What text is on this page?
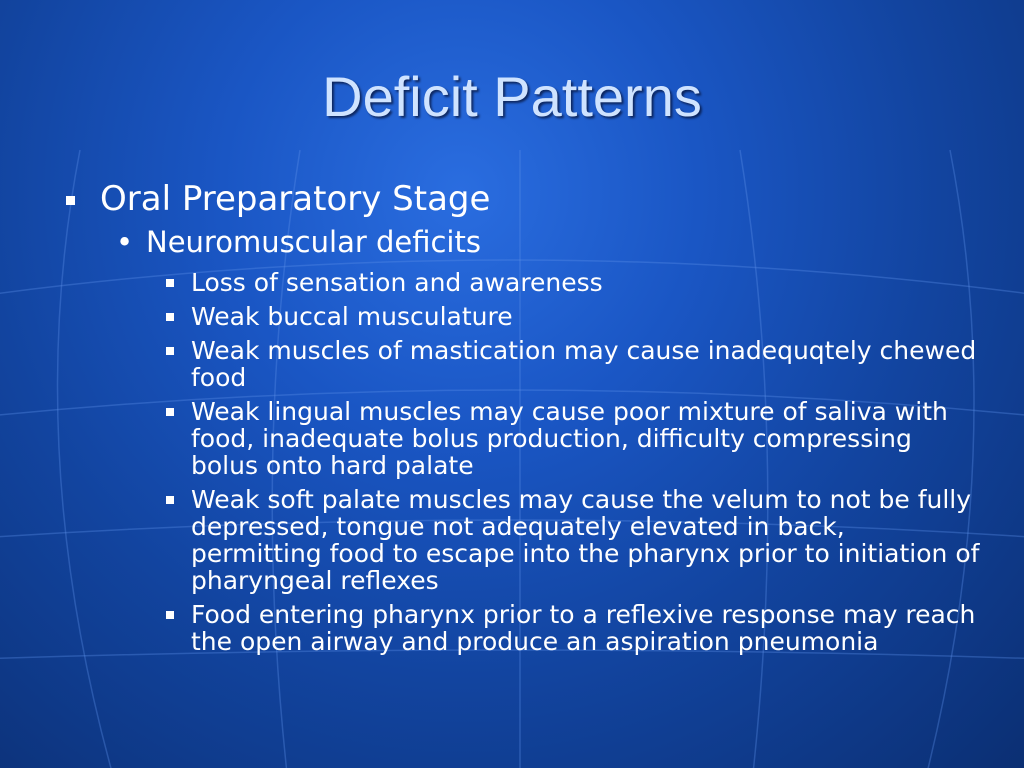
Deficit Patterns
Oral Preparatory Stage
• Neuromuscular deficits
Loss of sensation and awareness
Weak buccal musculature
Weak muscles of mastication may cause inadequqtely chewed food
Weak lingual muscles may cause poor mixture of saliva with food, inadequate bolus production, difficulty compressing bolus onto hard palate
Weak soft palate muscles may cause the velum to not be fully depressed, tongue not adequately elevated in back, permitting food to escape into the pharynx prior to initiation of pharyngeal reflexes
Food entering pharynx prior to a reflexive response may reach the open airway and produce an aspiration pneumonia
